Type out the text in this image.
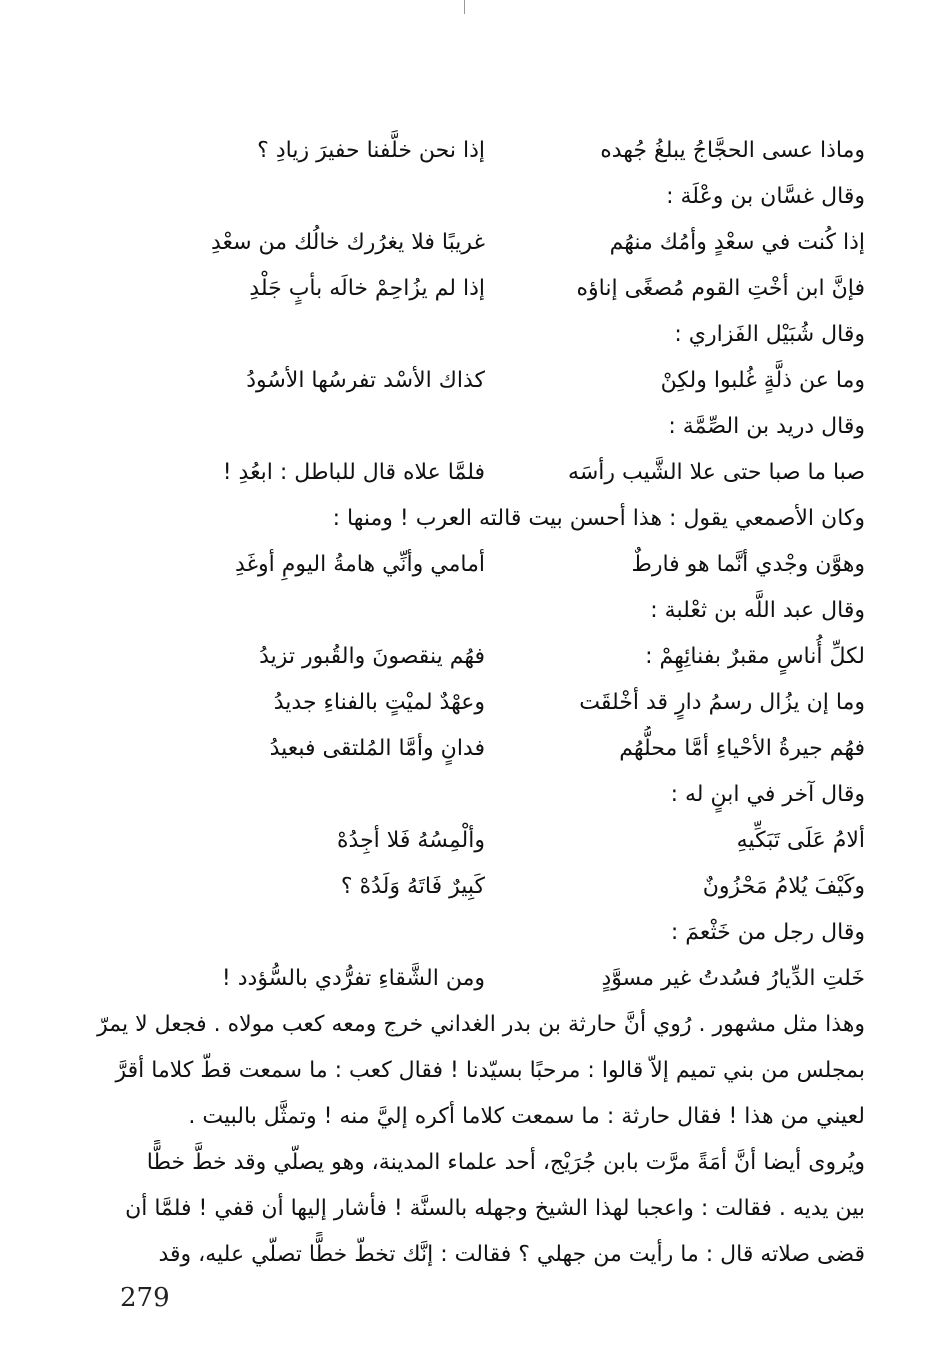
وماذا عسى الحجَّاجُ يبلغُ جُهده
إذا نحن خلَّفنا حفيرَ زيادِ ؟
وقال غسَّان بن وعْلَة :
إذا كُنت في سعْدٍ وأمُك منهُم
غريبًا فلا يغرُرك خالُك من سعْدِ
فإنَّ ابن أخْتِ القوم مُصغًى إناؤه
إذا لم يزُاحِمْ خالَه بأبٍ جَلْدِ
وقال شُبَيْل الفَزاري :
وما عن ذلَّةٍ غُلبوا ولكِنْ
كذاك الأسْد تفرسُها الأسُودُ
وقال دريد بن الصِّمَّة :
صبا ما صبا حتى علا الشَّيب رأسَه
فلمَّا علاه قال للباطل : ابعُدِ !
وكان الأصمعي يقول : هذا أحسن بيت قالته العرب ! ومنها :
وهوَّن وجْدي أنَّما هو فارطٌ
أمامي وأنِّي هامةُ اليومِ أوغَدِ
وقال عبد اللَّه بن ثعْلبة :
لكلِّ أُناسٍ مقبرٌ بفنائِهِمْ :
فهُم ينقصونَ والقُبور تزيدُ
وما إن يزُال رسمُ دارٍ قد أخْلقَت
وعهْدٌ لميْتٍ بالفناءِ جديدُ
فهُم جيرةُ الأحْياءِ أمَّا محلُّهُم
فدانٍ وأمَّا المُلتقى فبعيدُ
وقال آخر في ابنٍ له :
ألامُ عَلَى تَبَكِّيهِ
وألْمِسُهُ فَلا أجِدُهْ
وكَيْفَ يُلامُ مَحْزُونٌ
كَبِيرٌ فَاتَهُ وَلَدُهْ ؟
وقال رجل من خَثْعمَ :
خَلتِ الدِّيارُ فسُدتُ غير مسوَّدٍ
ومن الشَّقاءِ تفرُّدي بالسُّؤدد !
وهذا مثل مشهور . رُوي أنَّ حارثة بن بدر الغداني خرج ومعه كعب مولاه . فجعل لا يمرّ
بمجلس من بني تميم إلاّ قالوا : مرحبًا بسيّدنا ! فقال كعب : ما سمعت قطّ كلاما أقرَّ
لعيني من هذا ! فقال حارثة : ما سمعت كلاما أكره إليَّ منه ! وتمثَّل بالبيت .
ويُروى أيضا أنَّ أمَةً مرَّت بابن جُرَيْج، أحد علماء المدينة، وهو يصلّي وقد خطَّ خطًّا
بين يديه . فقالت : واعجبا لهذا الشيخ وجهله بالسنَّة ! فأشار إليها أن قفي ! فلمَّا أن
قضى صلاته قال : ما رأيت من جهلي ؟ فقالت : إنَّك تخطّ خطًّا تصلّي عليه، وقد
279
